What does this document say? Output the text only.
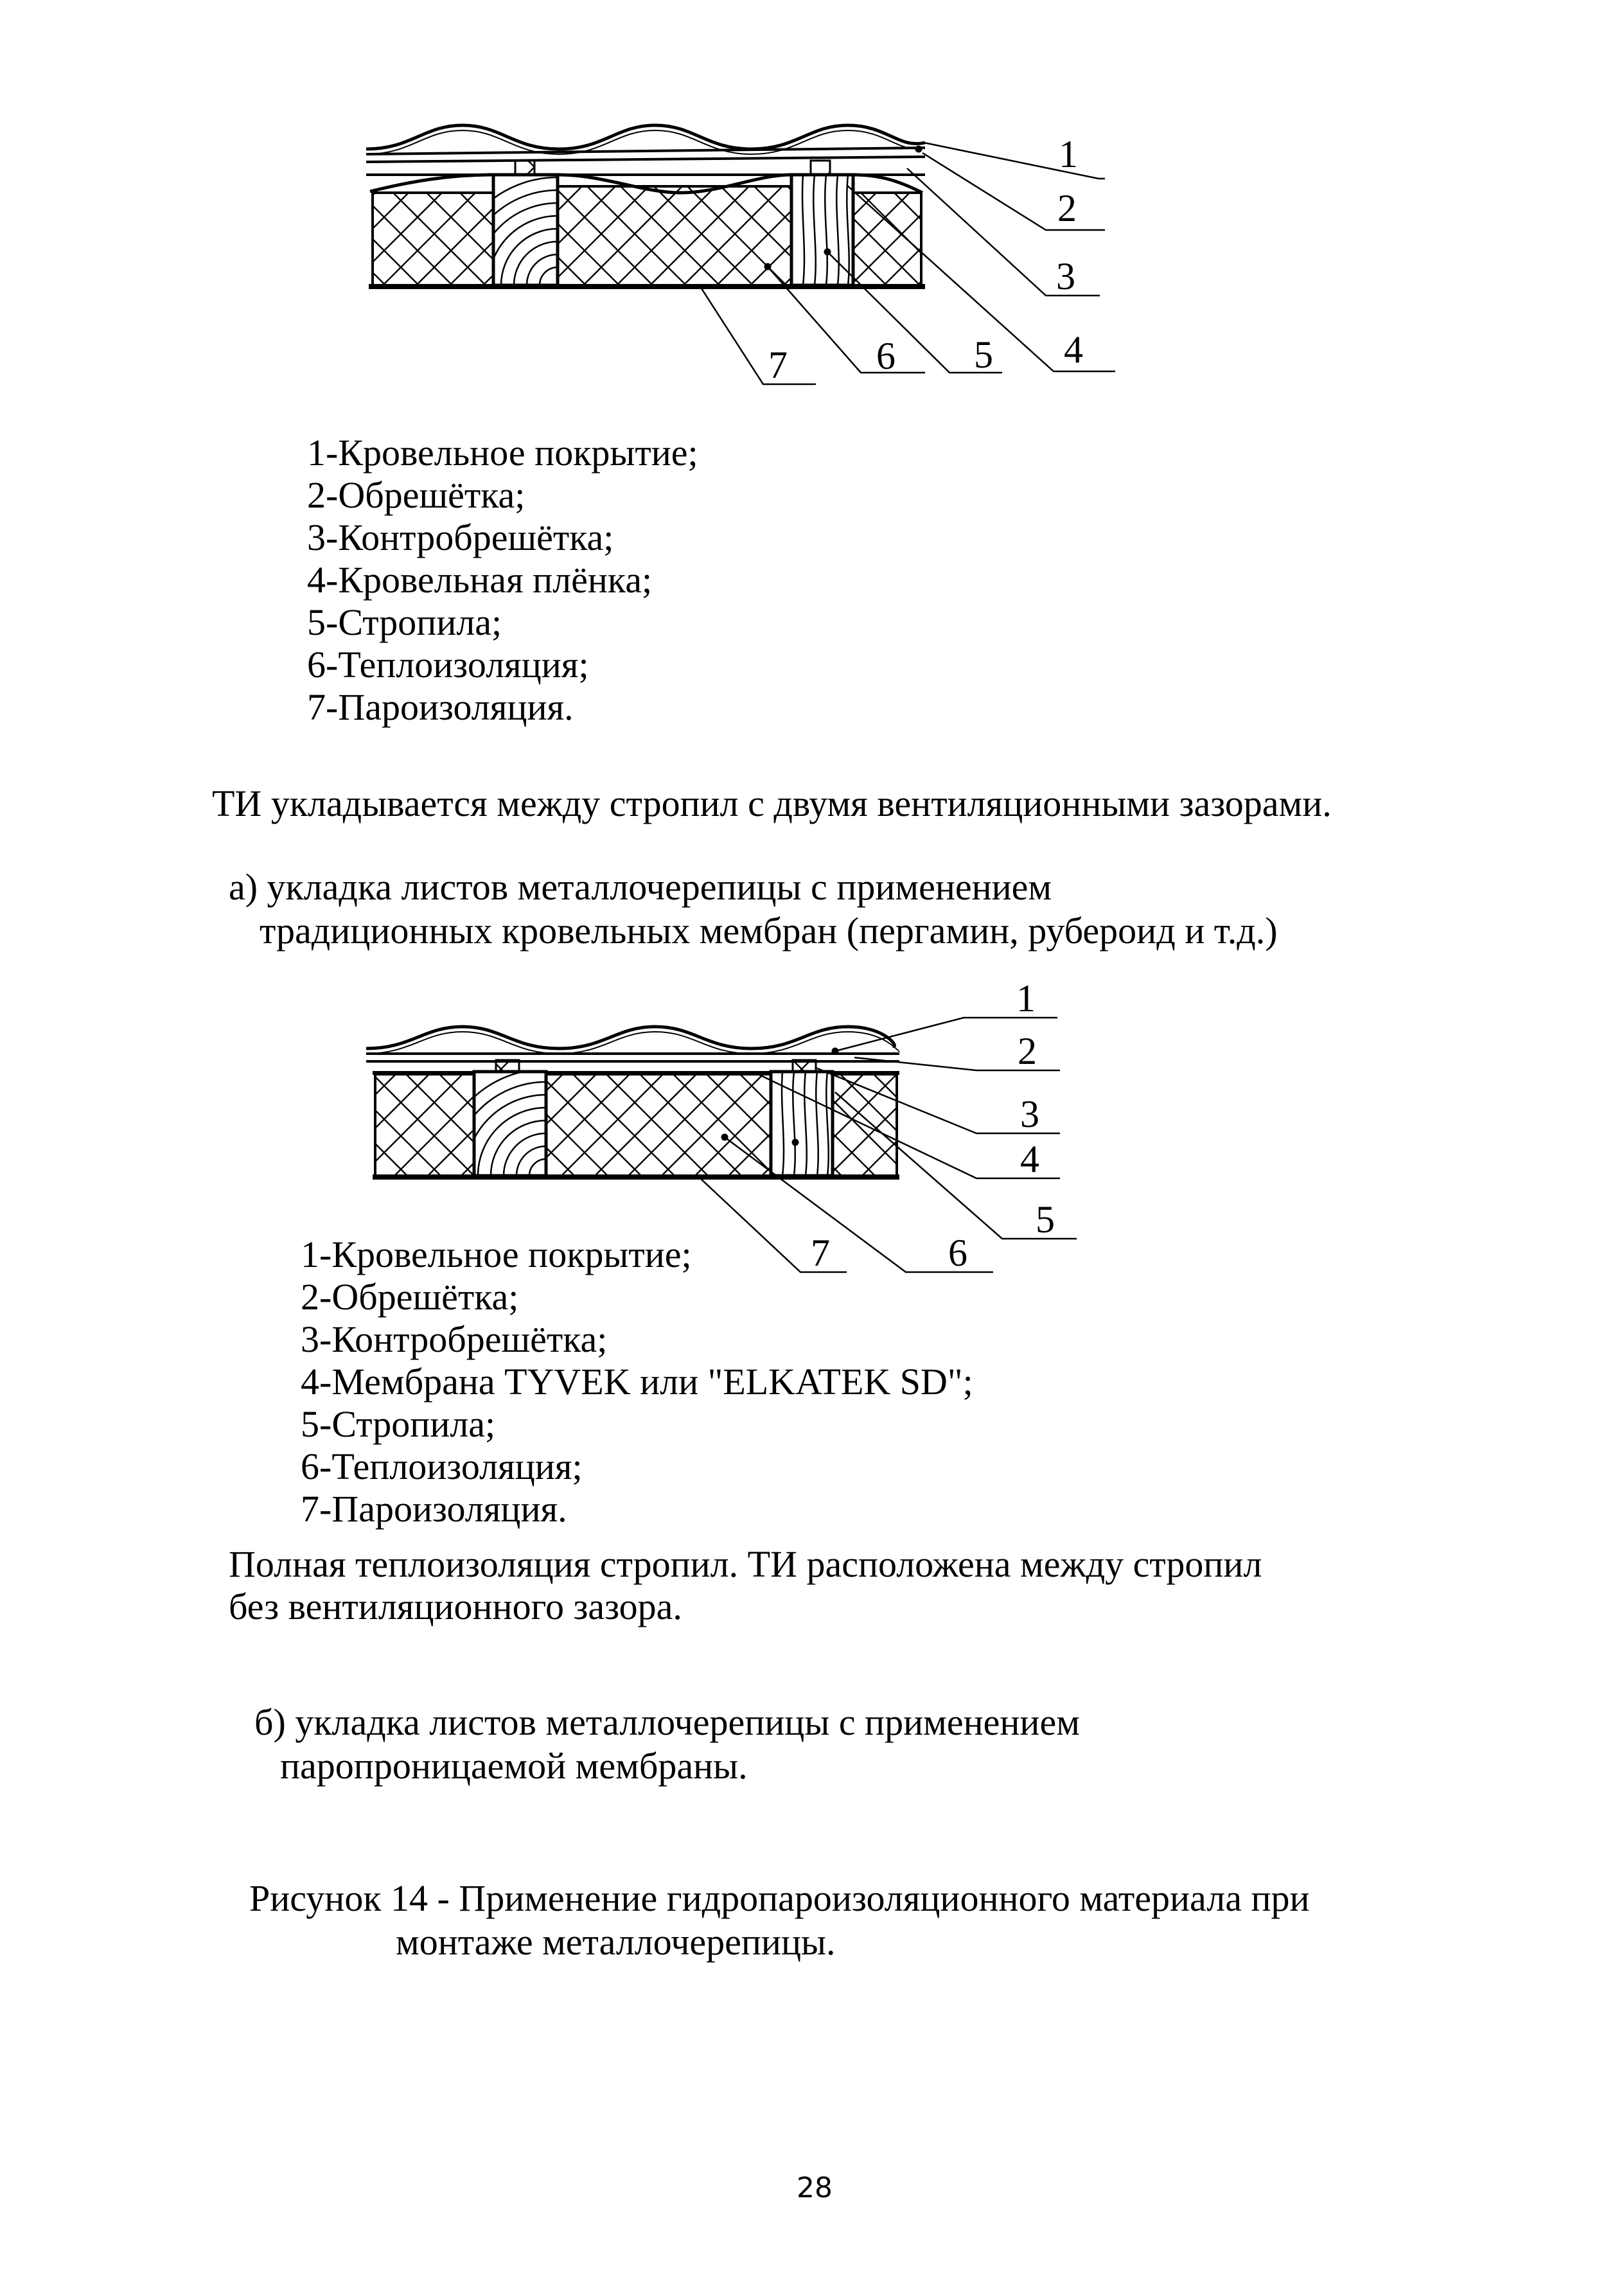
1
2
3
4
5
6
7
1-Кровельное покрытие;
2-Обрешётка;
3-Контробрешётка;
4-Кровельная плёнка;
5-Стропила;
6-Теплоизоляция;
7-Пароизоляция.
ТИ укладывается между стропил с двумя вентиляционными зазорами.
а) укладка листов металлочерепицы с применением
традиционных кровельных мембран (пергамин, рубероид и т.д.)
1
2
3
4
5
6
7
1-Кровельное покрытие;
2-Обрешётка;
3-Контробрешётка;
4-Мембрана TYVEK или "ELKATEK SD";
5-Стропила;
6-Теплоизоляция;
7-Пароизоляция.
Полная теплоизоляция стропил. ТИ расположена между стропил
без вентиляционного зазора.
б) укладка листов металлочерепицы с применением
паропроницаемой мембраны.
Рисунок 14 - Применение гидропароизоляционного материала при
монтаже металлочерепицы.
28
